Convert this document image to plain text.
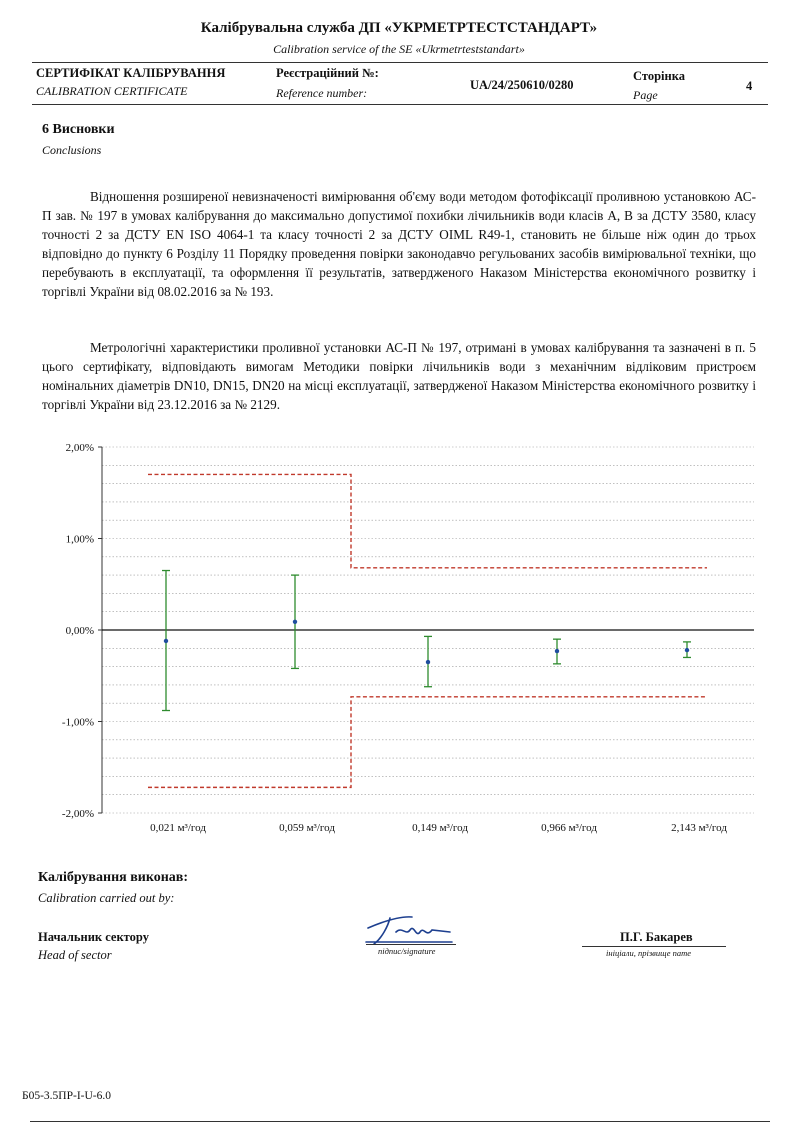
Калібрувальна служба ДП «УКРМЕТРТЕСТСТАНДАРТ»
Calibration service of the SE «Ukrmetrteststandart»
СЕРТИФІКАТ КАЛІБРУВАННЯ
CALIBRATION CERTIFICATE
Реєстраційний №:
Reference number:
UA/24/250610/0280
Сторінка
Page
4
6 Висновки
Conclusions
Відношення розширеної невизначеності вимірювання об'єму води методом фотофіксації проливною установкою АС-П зав. № 197 в умовах калібрування до максимально допустимої похибки лічильників води класів А, В за ДСТУ 3580, класу точності 2 за ДСТУ EN ISO 4064-1 та класу точності 2 за ДСТУ OIML R49-1, становить не більше ніж один до трьох відповідно до пункту 6 Розділу 11 Порядку проведення повірки законодавчо регульованих засобів вимірювальної техніки, що перебувають в експлуатації, та оформлення її результатів, затвердженого Наказом Міністерства економічного розвитку і торгівлі України від 08.02.2016 за № 193.
Метрологічні характеристики проливної установки АС-П № 197, отримані в умовах калібрування та зазначені в п. 5 цього сертифікату, відповідають вимогам Методики повірки лічильників води з механічним відліковим пристроєм номінальних діаметрів DN10, DN15, DN20 на місці експлуатації, затвердженої Наказом Міністерства економічного розвитку і торгівлі України від 23.12.2016 за № 2129.
2,00%
1,00%
0,00%
-1,00%
-2,00%
0,021 м³/год	0,059 м³/год	0,149 м³/год	0,966 м³/год	2,143 м³/год
Калібрування виконав:
Calibration carried out by:
Начальник сектору
Head of sector	підпис/signature
П.Г. Бакарев
ініціали, прізвище name
Б05-3.5ПР-І-U-6.0
